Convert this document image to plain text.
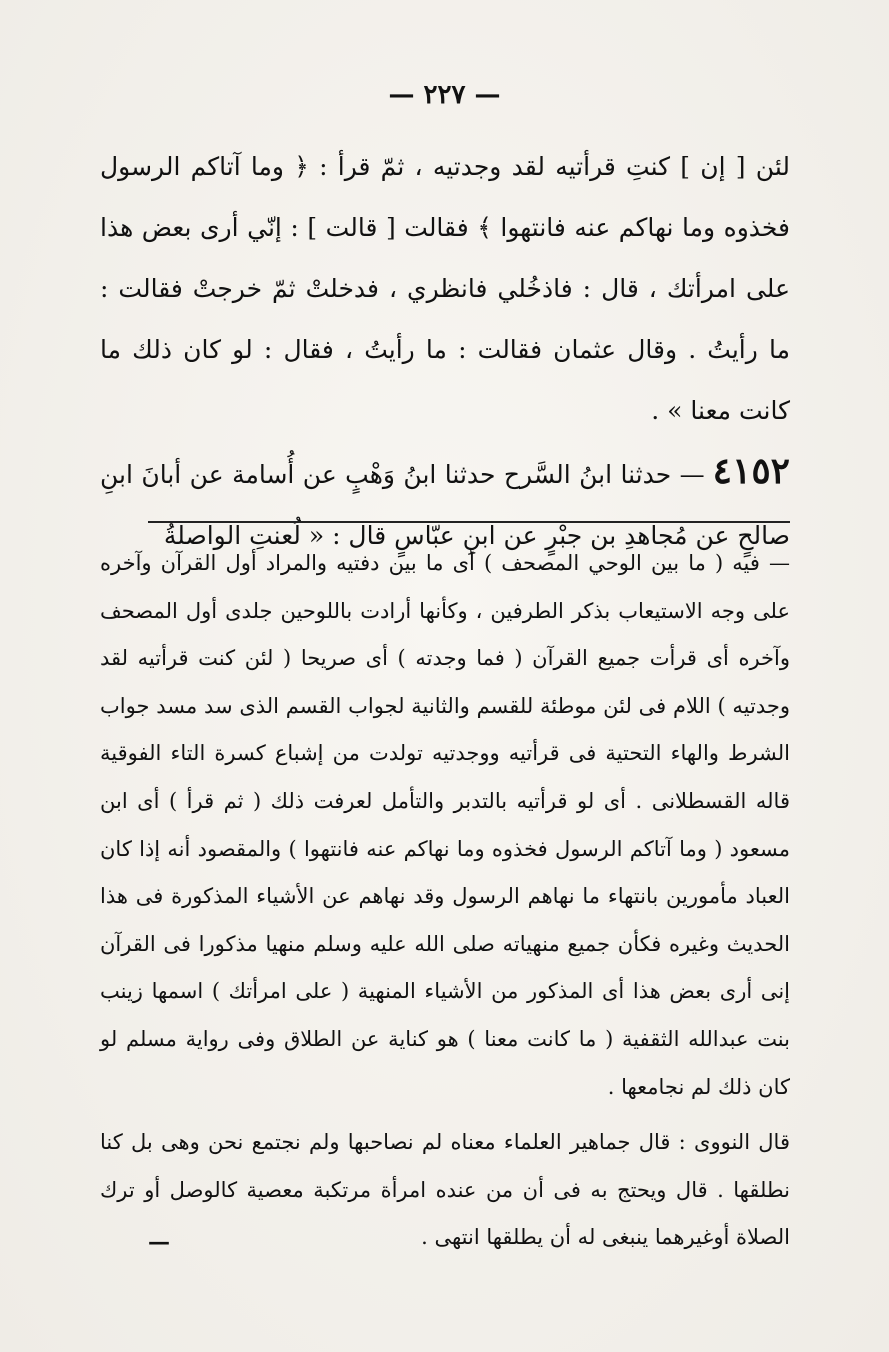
— ٢٢٧ —

لئن [ إن ] كنتِ قرأتيه لقد وجدتيه ، ثمّ قرأ : ﴿ وما آتاكم الرسول فخذوه وما نهاكم عنه فانتهوا ﴾ فقالت [ قالت ] : إنّي أرى بعض هذا على امرأتك ، قال : فاذخُلي فانظري ، فدخلتْ ثمّ خرجتْ فقالت : ما رأيتُ . وقال عثمان فقالت : ما رأيتُ ، فقال : لو كان ذلك ما كانت معنا » .

٤١٥٢— حدثنا ابنُ السَّرح حدثنا ابنُ وَهْبٍ عن أُسامة عن أبانَ ابنِ صالحٍ عن مُجاهدِ بن جبْرٍ عن ابنِ عبّاسٍ قال : « لُعنتِ الواصلةُ

— فيه ( ما بين الوحي المصحف ) أى ما بين دفتيه والمراد أول القرآن وآخره على وجه الاستيعاب بذكر الطرفين ، وكأنها أرادت باللوحين جلدى أول المصحف وآخره أى قرأت جميع القرآن ( فما وجدته ) أى صريحا ( لئن كنت قرأتيه لقد وجدتيه ) اللام فى لئن موطئة للقسم والثانية لجواب القسم الذى سد مسد جواب الشرط والهاء التحتية فى قرأتيه ووجدتيه تولدت من إشباع كسرة التاء الفوقية قاله القسطلانى . أى لو قرأتيه بالتدبر والتأمل لعرفت ذلك ( ثم قرأ ) أى ابن مسعود ( وما آتاكم الرسول فخذوه وما نهاكم عنه فانتهوا ) والمقصود أنه إذا كان العباد مأمورين بانتهاء ما نهاهم الرسول وقد نهاهم عن الأشياء المذكورة فى هذا الحديث وغيره فكأن جميع منهياته صلى الله عليه وسلم منهيا مذكورا فى القرآن إنى أرى بعض هذا أى المذكور من الأشياء المنهية ( على امرأتك ) اسمها زينب بنت عبدالله الثقفية ( ما كانت معنا ) هو كناية عن الطلاق وفى رواية مسلم لو كان ذلك لم نجامعها .

قال النووى : قال جماهير العلماء معناه لم نصاحبها ولم نجتمع نحن وهى بل كنا نطلقها . قال ويحتج به فى أن من عنده امرأة مرتكبة معصية كالوصل أو ترك الصلاة أوغيرهما ينبغى له أن يطلقها انتهى .

—
